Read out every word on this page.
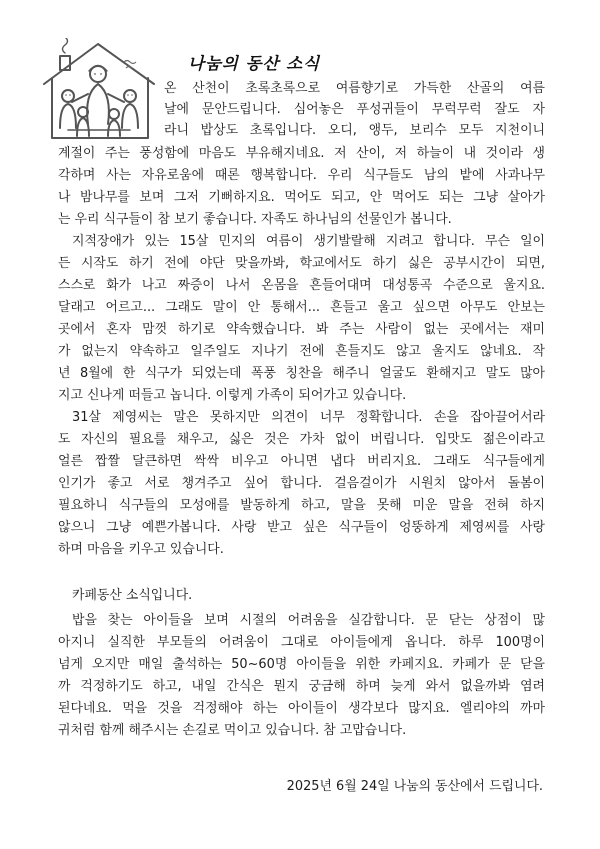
나눔의 동산 소식
온 산천이 초록초록으로 여름향기로 가득한 산골의 여름
날에 문안드립니다. 심어놓은 푸성귀들이 무럭무럭 잘도 자
라니 밥상도 초록입니다. 오디, 앵두, 보리수 모두 지천이니
계절이 주는 풍성함에 마음도 부유해지네요. 저 산이, 저 하늘이 내 것이라 생
각하며 사는 자유로움에 때론 행복합니다. 우리 식구들도 남의 밭에 사과나무
나 밤나무를 보며 그저 기뻐하지요. 먹어도 되고, 안 먹어도 되는 그냥 살아가
는 우리 식구들이 참 보기 좋습니다. 자족도 하나님의 선물인가 봅니다.
지적장애가 있는 15살 민지의 여름이 생기발랄해 지려고 합니다. 무슨 일이
든 시작도 하기 전에 야단 맞을까봐, 학교에서도 하기 싫은 공부시간이 되면,
스스로 화가 나고 짜증이 나서 온몸을 흔들어대며 대성통곡 수준으로 울지요.
달래고 어르고... 그래도 말이 안 통해서... 흔들고 울고 싶으면 아무도 안보는
곳에서 혼자 맘껏 하기로 약속했습니다. 봐 주는 사람이 없는 곳에서는 재미
가 없는지 약속하고 일주일도 지나기 전에 흔들지도 않고 울지도 않네요. 작
년 8월에 한 식구가 되었는데 폭풍 칭찬을 해주니 얼굴도 환해지고 말도 많아
지고 신나게 떠들고 놉니다. 이렇게 가족이 되어가고 있습니다.
31살 제영씨는 말은 못하지만 의견이 너무 정확합니다. 손을 잡아끌어서라
도 자신의 필요를 채우고, 싫은 것은 가차 없이 버립니다. 입맛도 젊은이라고
얼른 짭짤 달큰하면 싹싹 비우고 아니면 냅다 버리지요. 그래도 식구들에게
인기가 좋고 서로 챙겨주고 싶어 합니다. 걸음걸이가 시원치 않아서 돌봄이
필요하니 식구들의 모성애를 발동하게 하고, 말을 못해 미운 말을 전혀 하지
않으니 그냥 예쁜가봅니다. 사랑 받고 싶은 식구들이 엉뚱하게 제영씨를 사랑
하며 마음을 키우고 있습니다.
카페동산 소식입니다.
밥을 찾는 아이들을 보며 시절의 어려움을 실감합니다. 문 닫는 상점이 많
아지니 실직한 부모들의 어려움이 그대로 아이들에게 옵니다. 하루 100명이
넘게 오지만 매일 출석하는 50~60명 아이들을 위한 카페지요. 카페가 문 닫을
까 걱정하기도 하고, 내일 간식은 뭔지 궁금해 하며 늦게 와서 없을까봐 염려
된다네요. 먹을 것을 걱정해야 하는 아이들이 생각보다 많지요. 엘리야의 까마
귀처럼 함께 해주시는 손길로 먹이고 있습니다. 참 고맙습니다.
2025년 6월 24일 나눔의 동산에서 드립니다.
